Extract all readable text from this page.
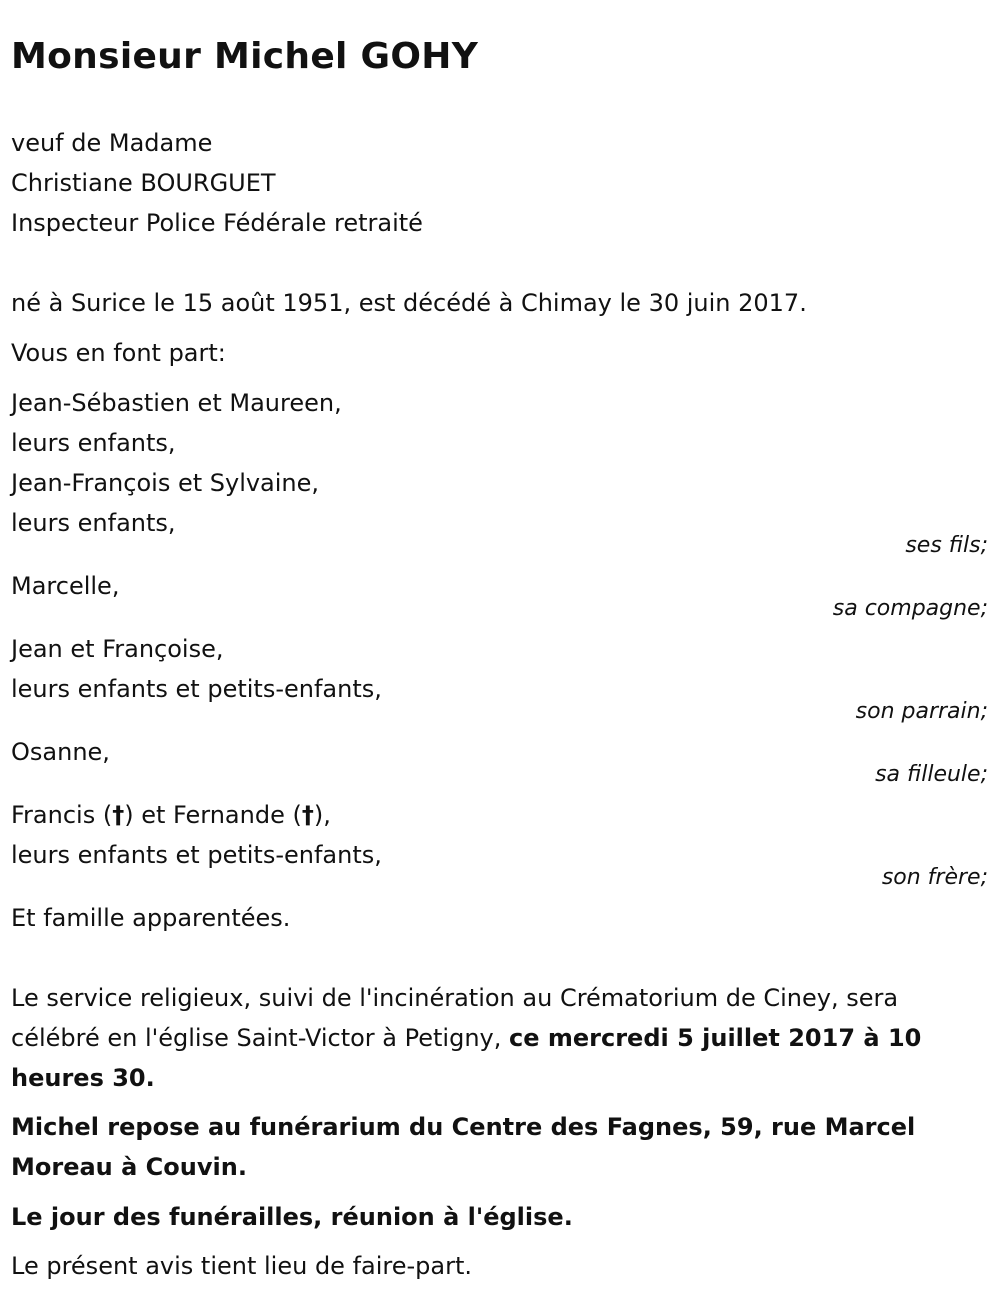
Monsieur Michel GOHY

veuf de Madame

Christiane BOURGUET

Inspecteur Police Fédérale retraité

né à Surice le 15 août 1951, est décédé à Chimay le 30 juin 2017.

Vous en font part:

Jean-Sébastien et Maureen,

leurs enfants,

Jean-François et Sylvaine,

leurs enfants,

ses fils;

Marcelle,

sa compagne;

Jean et Françoise,

leurs enfants et petits-enfants,

son parrain;

Osanne,

sa filleule;

Francis (†) et Fernande (†),

leurs enfants et petits-enfants,

son frère;

Et famille apparentées.

Le service religieux, suivi de l'incinération au Crématorium de Ciney, sera célébré en l'église Saint-Victor à Petigny, ce mercredi 5 juillet 2017 à 10 heures 30.

Michel repose au funérarium du Centre des Fagnes, 59, rue Marcel Moreau à Couvin.

Le jour des funérailles, réunion à l'église.

Le présent avis tient lieu de faire-part.
